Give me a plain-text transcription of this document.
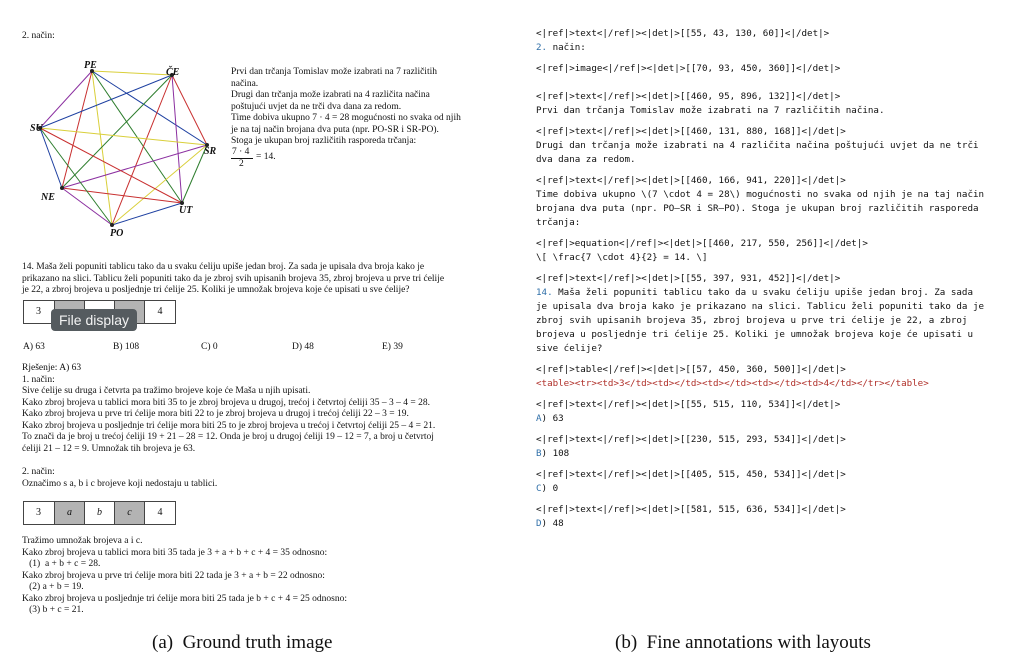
2. način:
PE
ČE
SU
SR
NE
UT
PO
Prvi dan trčanja Tomislav može izabrati na 7 različitih
načina.
Drugi dan trčanja može izabrati na 4 različita načina
poštujući uvjet da ne trči dva dana za redom.
Time dobiva ukupno 7 · 4 = 28 mogućnosti no svaka od njih
je na taj način brojana dva puta (npr. PO-SR i SR-PO).
Stoga je ukupan broj različitih rasporeda trčanja:
7 · 4
2
= 14.
14. Maša želi popuniti tablicu tako da u svaku ćeliju upiše jedan broj. Za sada je upisala dva broja kako je
prikazano na slici. Tablicu želi popuniti tako da je zbroj svih upisanih brojeva 35, zbroj brojeva u prve tri ćelije
je 22, a zbroj brojeva u posljednje tri ćelije 25. Koliki je umnožak brojeva koje će upisati u sve ćelije?
3	4
File display
A) 63	B) 108	C) 0	D) 48	E) 39
Rješenje: A) 63
1. način:
Sive ćelije su druga i četvrta pa tražimo brojeve koje će Maša u njih upisati.
Kako zbroj brojeva u tablici mora biti 35 to je zbroj brojeva u drugoj, trećoj i četvrtoj ćeliji 35 – 3 – 4 = 28.
Kako zbroj brojeva u prve tri ćelije mora biti 22 to je zbroj brojeva u drugoj i trećoj ćeliji 22 – 3 = 19.
Kako zbroj brojeva u posljednje tri ćelije mora biti 25 to je zbroj brojeva u trećoj i četvrtoj ćeliji 25 – 4 = 21.
To znači da je broj u trećoj ćeliji 19 + 21 – 28 = 12. Onda je broj u drugoj ćeliji 19 – 12 = 7, a broj u četvrtoj
ćeliji 21 – 12 = 9. Umnožak tih brojeva je 63.
2. način:
Označimo s a, b i c brojeve koji nedostaju u tablici.
3	a	b	c	4
Tražimo umnožak brojeva a i c.
Kako zbroj brojeva u tablici mora biti 35 tada je 3 + a + b + c + 4 = 35 odnosno:
(1)  a + b + c = 28.
Kako zbroj brojeva u prve tri ćelije mora biti 22 tada je 3 + a + b = 22 odnosno:
(2) a + b = 19.
Kako zbroj brojeva u posljednje tri ćelije mora biti 25 tada je b + c + 4 = 25 odnosno:
(3) b + c = 21.
<|ref|>text<|/ref|><|det|>[[55, 43, 130, 60]]<|/det|>
2. način:
<|ref|>image<|/ref|><|det|>[[70, 93, 450, 360]]<|/det|>
<|ref|>text<|/ref|><|det|>[[460, 95, 896, 132]]<|/det|>
Prvi dan trčanja Tomislav može izabrati na 7 različitih načina.
<|ref|>text<|/ref|><|det|>[[460, 131, 880, 168]]<|/det|>
Drugi dan trčanja može izabrati na 4 različita načina poštujući uvjet da ne trči
dva dana za redom.
<|ref|>text<|/ref|><|det|>[[460, 166, 941, 220]]<|/det|>
Time dobiva ukupno \(7 \cdot 4 = 28\) mogućnosti no svaka od njih je na taj način
brojana dva puta (npr. PO–SR i SR–PO). Stoga je ukupan broj različitih rasporeda
trčanja:
<|ref|>equation<|/ref|><|det|>[[460, 217, 550, 256]]<|/det|>
\[ \frac{7 \cdot 4}{2} = 14. \]
<|ref|>text<|/ref|><|det|>[[55, 397, 931, 452]]<|/det|>
14. Maša želi popuniti tablicu tako da u svaku ćeliju upiše jedan broj. Za sada
je upisala dva broja kako je prikazano na slici. Tablicu želi popuniti tako da je
zbroj svih upisanih brojeva 35, zbroj brojeva u prve tri ćelije je 22, a zbroj
brojeva u posljednje tri ćelije 25. Koliki je umnožak brojeva koje će upisati u
sive ćelije?
<|ref|>table<|/ref|><|det|>[[57, 450, 360, 500]]<|/det|>
<table><tr><td>3</td><td></td><td></td><td></td><td>4</td></tr></table>
<|ref|>text<|/ref|><|det|>[[55, 515, 110, 534]]<|/det|>
A) 63
<|ref|>text<|/ref|><|det|>[[230, 515, 293, 534]]<|/det|>
B) 108
<|ref|>text<|/ref|><|det|>[[405, 515, 450, 534]]<|/det|>
C) 0
<|ref|>text<|/ref|><|det|>[[581, 515, 636, 534]]<|/det|>
D) 48
(a)  Ground truth image	(b)  Fine annotations with layouts
